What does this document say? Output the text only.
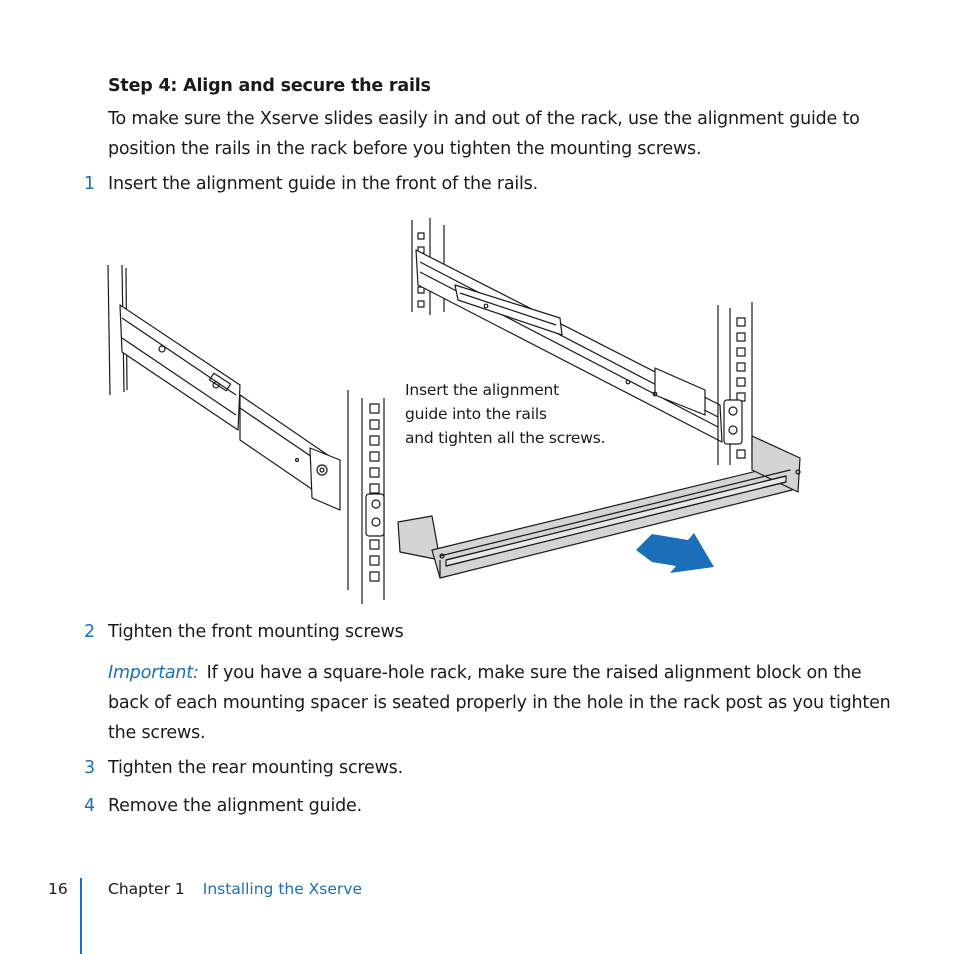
Step 4: Align and secure the rails
To make sure the Xserve slides easily in and out of the rack, use the alignment guide to position the rails in the rack before you tighten the mounting screws.
1 Insert the alignment guide in the front of the rails.
Insert the alignment
guide into the rails
and tighten all the screws.
2 Tighten the front mounting screws
Important: If you have a square-hole rack, make sure the raised alignment block on the back of each mounting spacer is seated properly in the hole in the rack post as you tighten the screws.
3 Tighten the rear mounting screws.
4 Remove the alignment guide.
16	Chapter 1 Installing the Xserve
